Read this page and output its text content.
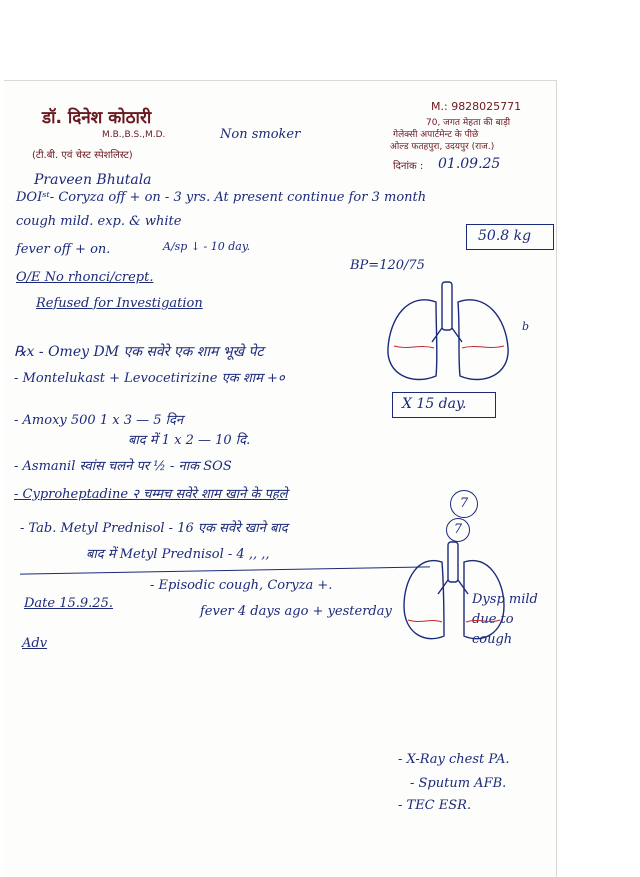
डॉ. दिनेश कोठारी
M.B.,B.S.,M.D.
(टी.बी. एवं चेस्ट स्पेशलिस्ट)
M.: 9828025771
70, जगत मेहता की बाड़ी
गेलेक्सी अपार्टमेन्ट के पीछे
ओल्ड फतहपुरा, उदयपुर (राज.)
दिनांक :
Non smoker
01.09.25
Praveen Bhutala
DOIˢᵗ- Coryza off + on - 3 yrs. At present continue for 3 month
cough mild. exp. & white
fever off + on.	A/sp ↓ - 10 day.
50.8 kg
BP=120/75
O/E No rhonci/crept.
Refused for Investigation
℞x - Omey DM एक सवेरे एक शाम भूखे पेट
- Montelukast + Levocetirizine एक शाम +०
- Amoxy 500 1 x 3 — 5 दिन
बाद में 1 x 2 — 10 दि.
X 15 day.
- Asmanil स्वांस चलने पर ½ - नाक SOS
- Cyproheptadine २ चम्मच सवेरे शाम खाने के पहले
- Tab. Metyl Prednisol - 16 एक सवेरे खाने बाद
7
बाद में Metyl Prednisol - 4 ,, ,,
7
Date 15.9.25.
- Episodic cough, Coryza +.
fever 4 days ago + yesterday
Dysp mild due to cough
Adv
- X-Ray chest PA.
- Sputum AFB.
- TEC ESR.
b
